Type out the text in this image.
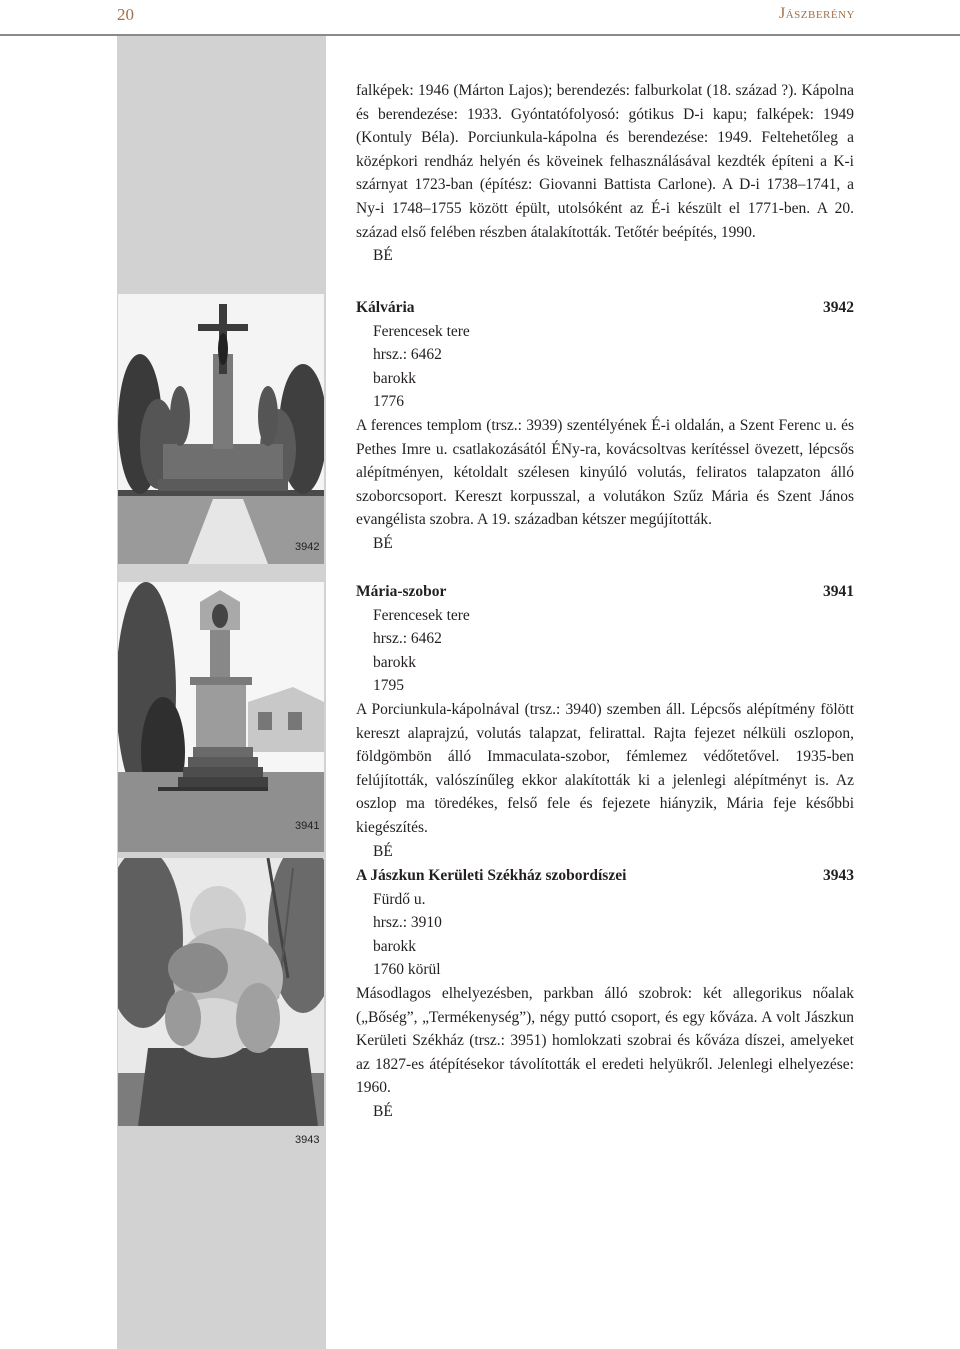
20	Jászberény
3942
3941
3943

falképek: 1946 (Márton Lajos); berendezés: falburkolat (18. század ?). Kápolna és berendezése: 1933. Gyóntatófolyosó: gótikus D-i kapu; falképek: 1949 (Kontuly Béla). Porciunkula-kápolna és berendezése: 1949. Feltehetőleg a középkori rendház helyén és köveinek felhasználásával kezdték építeni a K-i szárnyat 1723-ban (építész: Giovanni Battista Carlone). A D-i 1738–1741, a Ny-i 1748–1755 között épült, utolsóként az É-i készült el 1771-ben. A 20. század első felében részben átalakították. Tetőtér beépítés, 1990.

BÉ
Kálvária	3942
Ferencesek tere
hrsz.: 6462
barokk
1776

A ferences templom (trsz.: 3939) szentélyének É-i oldalán, a Szent Ferenc u. és Pethes Imre u. csatlakozásától ÉNy-ra, kovácsoltvas kerítéssel övezett, lépcsős alépítményen, kétoldalt szélesen kinyúló volutás, feliratos talapzaton álló szoborcsoport. Kereszt korpusszal, a volutákon Szűz Mária és Szent János evangélista szobra. A 19. században kétszer megújították.

BÉ
Mária-szobor	3941
Ferencesek tere
hrsz.: 6462
barokk
1795

A Porciunkula-kápolnával (trsz.: 3940) szemben áll. Lépcsős alépítmény fölött kereszt alaprajzú, volutás talapzat, felirattal. Rajta fejezet nélküli oszlopon, földgömbön álló Immaculata-szobor, fémlemez védőtetővel. 1935-ben felújították, valószínűleg ekkor alakították ki a jelenlegi alépítményt is. Az oszlop ma töredékes, felső fele és fejezete hiányzik, Mária feje későbbi kiegészítés.

BÉ
A Jászkun Kerületi Székház szobordíszei	3943
Fürdő u.
hrsz.: 3910
barokk
1760 körül

Másodlagos elhelyezésben, parkban álló szobrok: két allegorikus nőalak („Bőség”, „Termékenység”), négy puttó csoport, és egy kőváza. A volt Jászkun Kerületi Székház (trsz.: 3951) homlokzati szobrai és kőváza díszei, amelyeket az 1827-es átépítésekor távolították el eredeti helyükről. Jelenlegi elhelyezése: 1960.

BÉ
